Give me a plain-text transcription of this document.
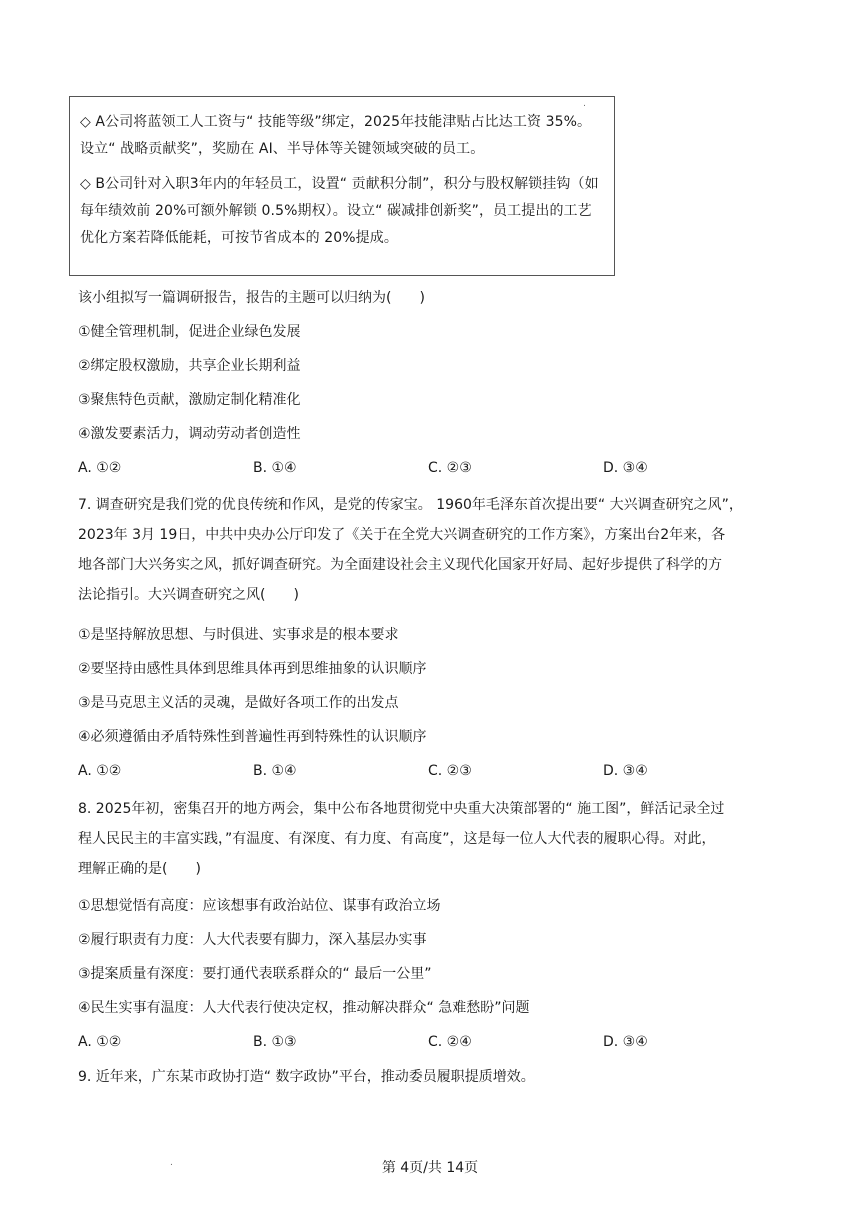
.

◇ A公司将蓝领工人工资与“ 技能等级”绑定，2025年技能津贴占比达工资 35%。设立“ 战略贡献奖”，奖励在 AI、半导体等关键领域突破的员工。

◇ B公司针对入职3年内的年轻员工，设置“ 贡献积分制”，积分与股权解锁挂钩（如每年绩效前 20%可额外解锁 0.5%期权）。设立“ 碳减排创新奖”，员工提出的工艺优化方案若降低能耗，可按节省成本的 20%提成。

该小组拟写一篇调研报告，报告的主题可以归纳为(　　)
①健全管理机制，促进企业绿色发展
②绑定股权激励，共享企业长期利益
③聚焦特色贡献，激励定制化精准化
④激发要素活力，调动劳动者创造性
A. ①②	B. ①④	C. ②③	D. ③④
7. 调查研究是我们党的优良传统和作风，是党的传家宝。 1960年毛泽东首次提出要“ 大兴调查研究之风”，
2023年 3月 19日，中共中央办公厅印发了《关于在全党大兴调查研究的工作方案》，方案出台2年来，各
地各部门大兴务实之风，抓好调查研究。为全面建设社会主义现代化国家开好局、起好步提供了科学的方
法论指引。大兴调查研究之风(　　)
①是坚持解放思想、与时俱进、实事求是的根本要求
②要坚持由感性具体到思维具体再到思维抽象的认识顺序
③是马克思主义活的灵魂，是做好各项工作的出发点
④必须遵循由矛盾特殊性到普遍性再到特殊性的认识顺序
A. ①②	B. ①④	C. ②③	D. ③④
8. 2025年初，密集召开的地方两会，集中公布各地贯彻党中央重大决策部署的“ 施工图”，鲜活记录全过
程人民民主的丰富实践，”有温度、有深度、有力度、有高度”，这是每一位人大代表的履职心得。对此，
理解正确的是(　　)
①思想觉悟有高度：应该想事有政治站位、谋事有政治立场
②履行职责有力度：人大代表要有脚力，深入基层办实事
③提案质量有深度：要打通代表联系群众的“ 最后一公里”
④民生实事有温度：人大代表行使决定权，推动解决群众“ 急难愁盼”问题
A. ①②	B. ①③	C. ②④	D. ③④
9. 近年来，广东某市政协打造“ 数字政协”平台，推动委员履职提质增效。
.	第 4页/共 14页
